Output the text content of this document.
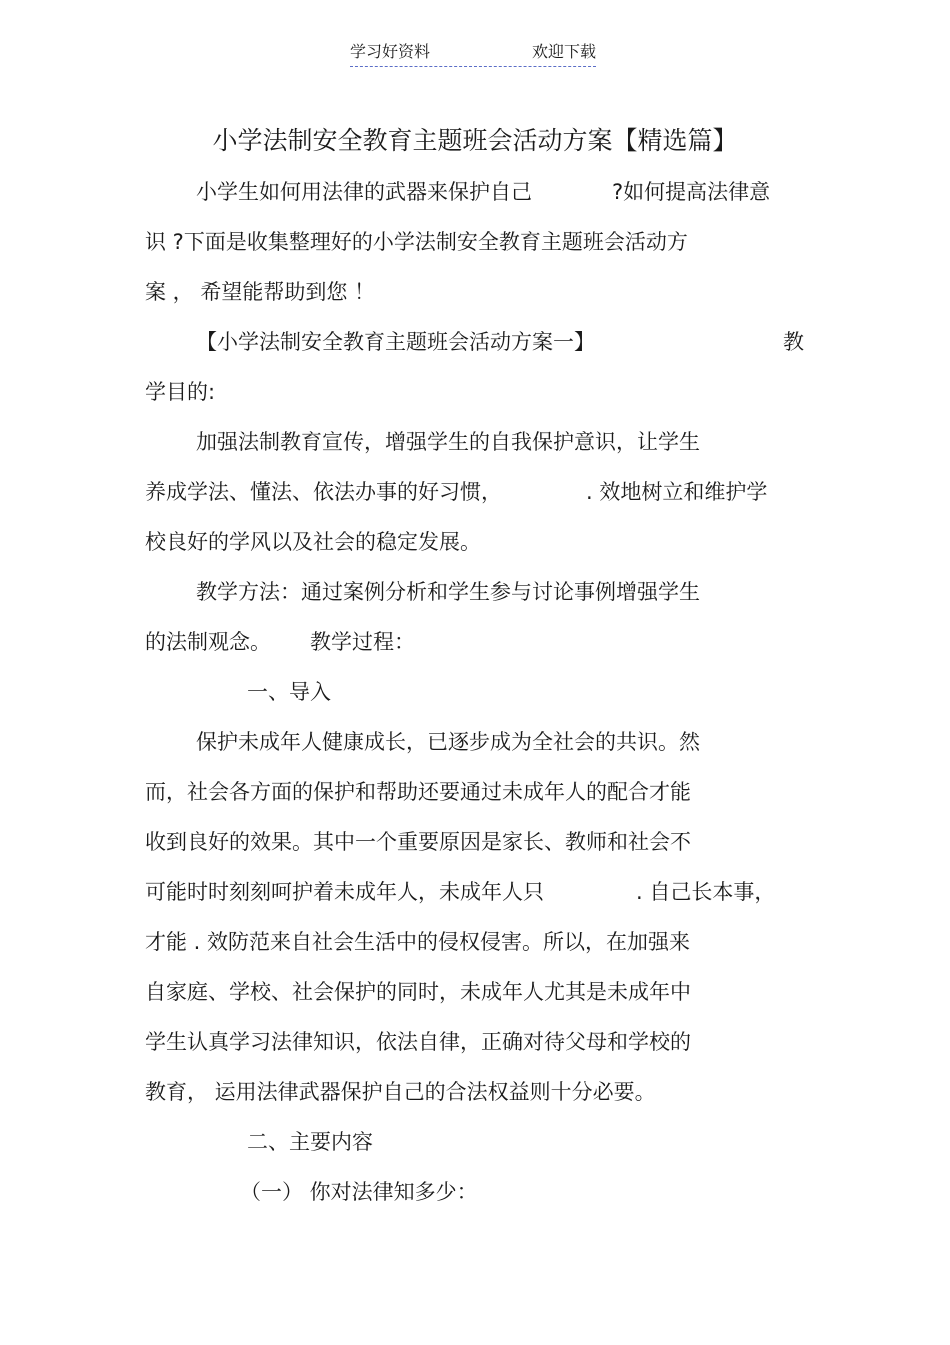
学习好资料	欢迎下载
小学法制安全教育主题班会活动方案【精选篇】
小学生如何用法律的武器来保护自己	?如何提高法律意
识 ?下面是收集整理好的小学法制安全教育主题班会活动方
案 ， 希望能帮助到您 ！
【小学法制安全教育主题班会活动方案一】	教
学目的:
加强法制教育宣传，增强学生的自我保护意识，让学生
养成学法、懂法、依法办事的好习惯，	. 效地树立和维护学
校良好的学风以及社会的稳定发展。
教学方法：通过案例分析和学生参与讨论事例增强学生
的法制观念。 教学过程：
一、导入
保护未成年人健康成长，已逐步成为全社会的共识。然
而，社会各方面的保护和帮助还要通过未成年人的配合才能
收到良好的效果。其中一个重要原因是家长、教师和社会不
可能时时刻刻呵护着未成年人，未成年人只	. 自己长本事，
才能 . 效防范来自社会生活中的侵权侵害。所以，在加强来
自家庭、学校、社会保护的同时，未成年人尤其是未成年中
学生认真学习法律知识，依法自律，正确对待父母和学校的
教育， 运用法律武器保护自己的合法权益则十分必要。
二、主要内容
（一） 你对法律知多少：
